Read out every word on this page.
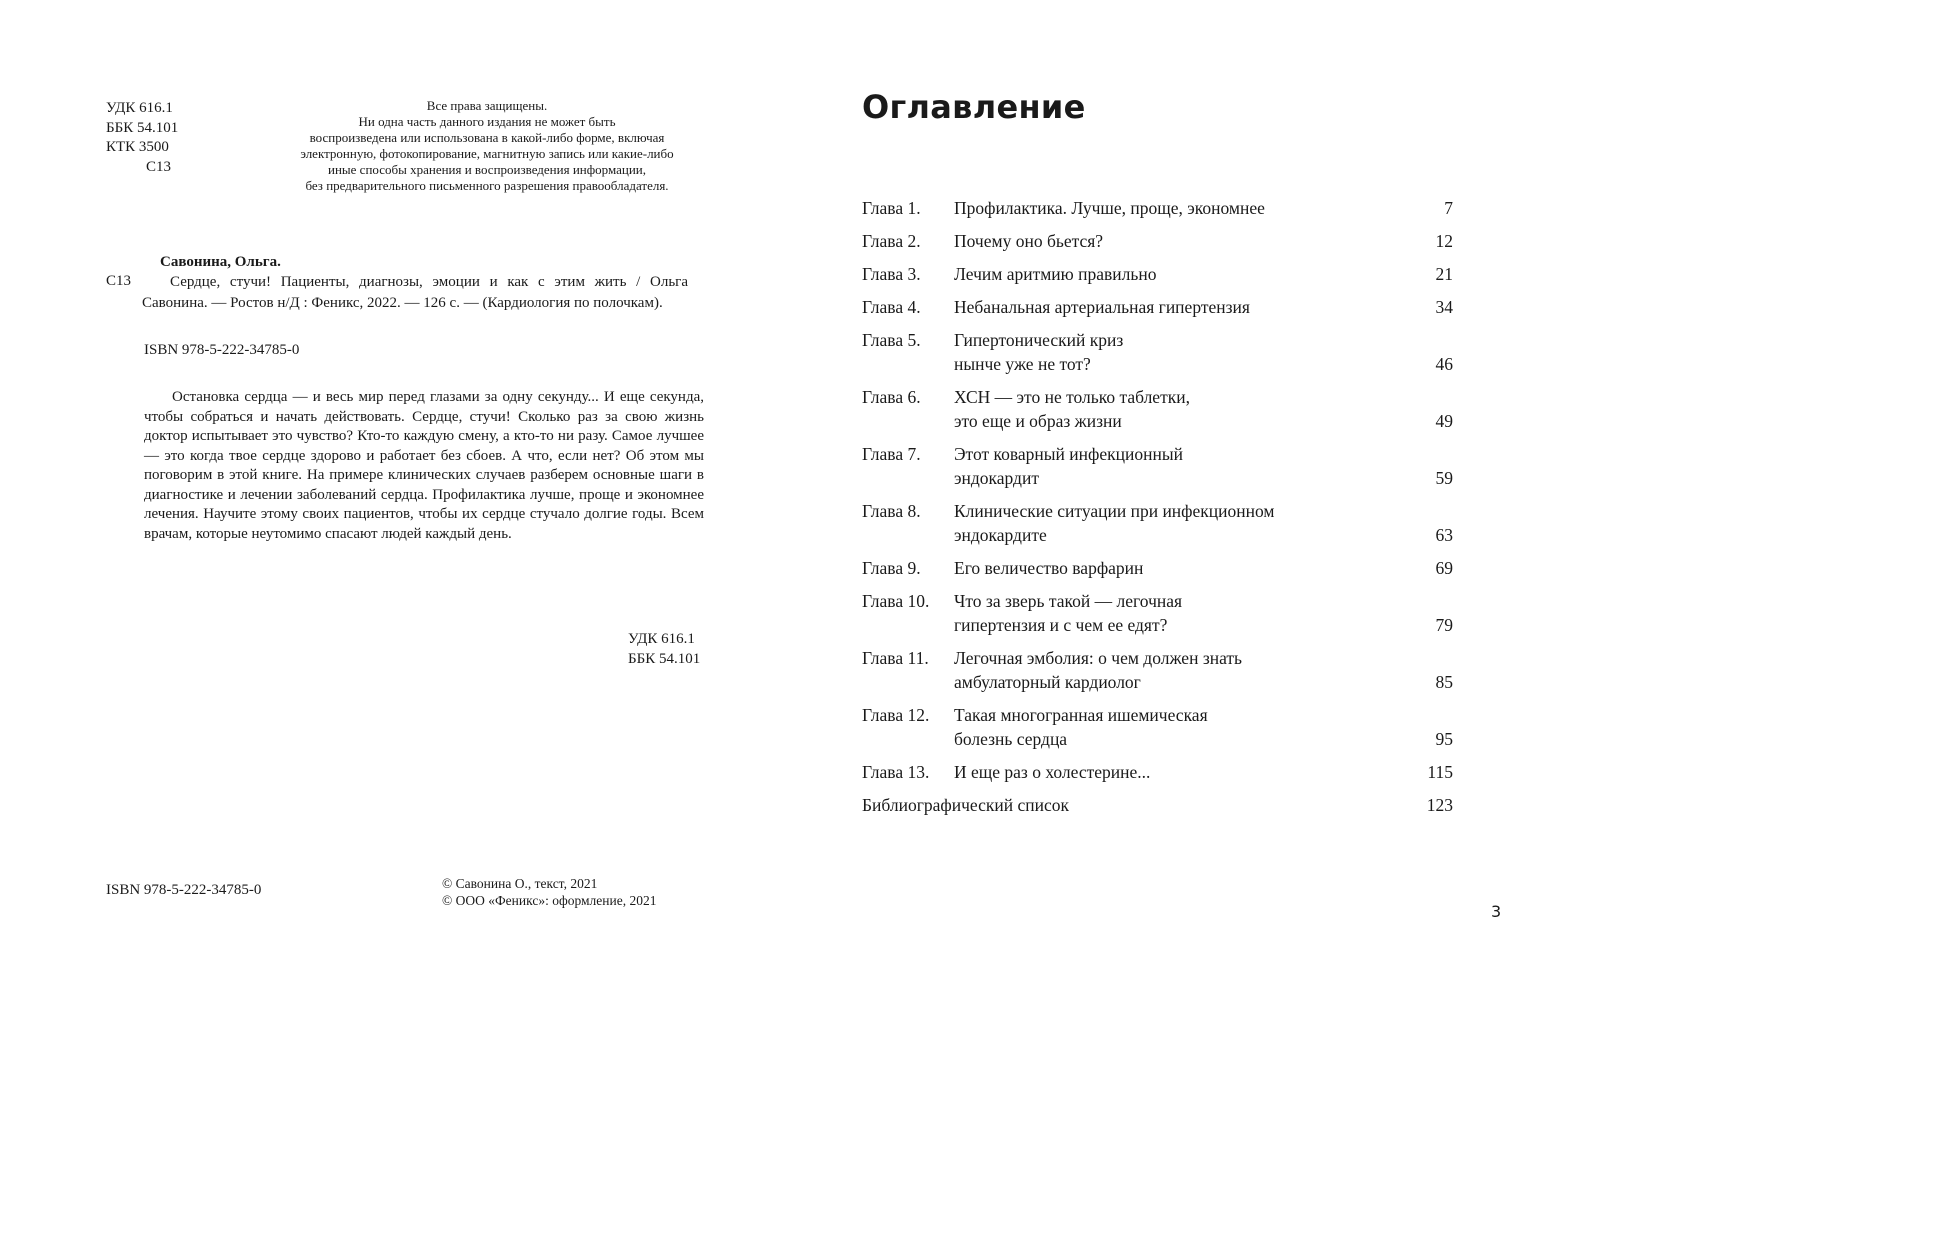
УДК 616.1
ББК 54.101
КТК 3500
С13
Все права защищены.
Ни одна часть данного издания не может быть
воспроизведена или использована в какой-либо форме, включая
электронную, фотокопирование, магнитную запись или какие-либо
иные способы хранения и воспроизведения информации,
без предварительного письменного разрешения правообладателя.
Савонина, Ольга.
С13	Сердце, стучи! Пациенты, диагнозы, эмоции и как с этим жить / Ольга Савонина. — Ростов н/Д : Феникс, 2022. — 126 с. — (Кардиология по полочкам).
ISBN 978-5-222-34785-0
Остановка сердца — и весь мир перед глазами за одну секунду... И еще секунда, чтобы собраться и начать действовать. Сердце, стучи! Сколько раз за свою жизнь доктор испытывает это чувство? Кто-то каждую смену, а кто-то ни разу. Самое лучшее — это когда твое сердце здорово и работает без сбоев. А что, если нет? Об этом мы поговорим в этой книге. На примере клинических случаев разберем основные шаги в диагностике и лечении заболеваний сердца. Профилактика лучше, проще и экономнее лечения. Научите этому своих пациентов, чтобы их сердце стучало долгие годы. Всем врачам, которые неутомимо спасают людей каждый день.
УДК 616.1
ББК 54.101
ISBN 978-5-222-34785-0	© Савонина О., текст, 2021
© ООО «Феникс»: оформление, 2021
Оглавление
Глава 1. Профилактика. Лучше, проще, экономнее	7
Глава 2. Почему оно бьется?	12
Глава 3. Лечим аритмию правильно	21
Глава 4. Небанальная артериальная гипертензия	34
Глава 5. Гипертонический криз
нынче уже не тот?	46
Глава 6. ХСН — это не только таблетки,
это еще и образ жизни	49
Глава 7. Этот коварный инфекционный
эндокардит	59
Глава 8. Клинические ситуации при инфекционном
эндокардите	63
Глава 9. Его величество варфарин	69
Глава 10. Что за зверь такой — легочная
гипертензия и с чем ее едят?	79
Глава 11. Легочная эмболия: о чем должен знать
амбулаторный кардиолог	85
Глава 12. Такая многогранная ишемическая
болезнь сердца	95
Глава 13. И еще раз о холестерине...	115
Библиографический список	123
3
